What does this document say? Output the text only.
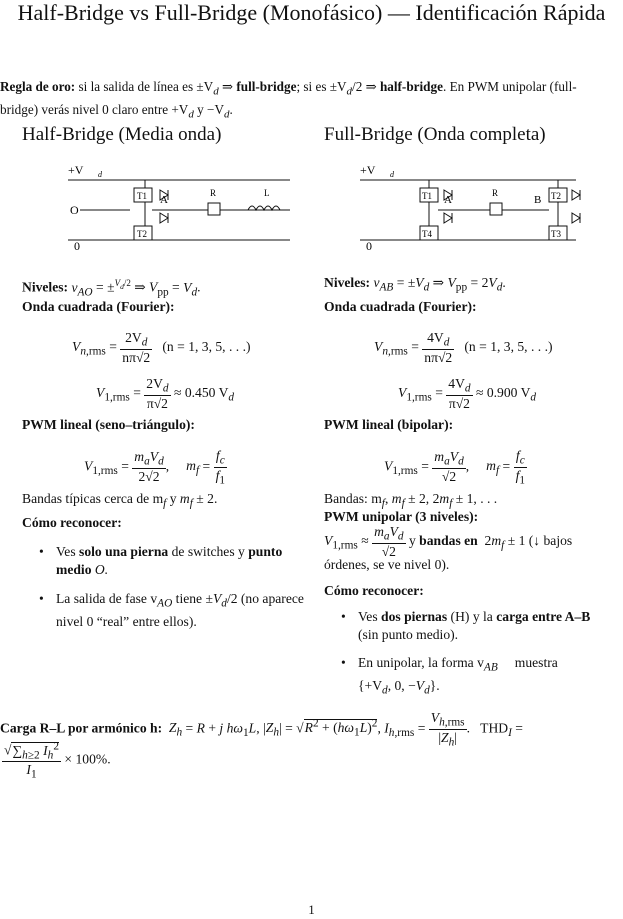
Half-Bridge vs Full-Bridge (Monofásico) — Identificación Rápida
Regla de oro: si la salida de línea es $\pm V_d$ ⇒ full-bridge; si es $\pm V_d/2$ ⇒ half-bridge. En PWM unipolar (full-bridge) verás nivel 0 claro entre $+V_d$ $y -V_d$.
Half-Bridge (Media onda)
+V d
O
0
T1
T2
A
R	L
Niveles: $v_{AO} = \pm^{V_d/2}$ ⇒ $V_{pp} = V_d$.
Onda cuadrada (Fourier):
$V_{n,rms} = \frac{2V_d}{n\pi√2} (n = 1$, 3, 5, . . .)
$V_{1,rms} = \frac{2V_d}{\pi√2} \approx 0.450$ $V_d$
PWM lineal (seno–triángulo):
$V_{1,rms} = \frac{m_aV_d}{2√2}$ ,     $m_f = \frac{f_c}{f_1}$
Bandas típicas cerca de $m_f$ y $m_f \pm 2$.
Cómo reconocer:
• Ves solo una pierna de switches y punto medio O.
• La salida de fase $v_{AO}$ tiene $\pm V_d/2$ (no aparece nivel 0 “real” entre ellos).
Full-Bridge (Onda completa)
+V d
0
T1
T4
T2
T3
A	B
R
Niveles: $v_{AB} = \pm V_d$ ⇒ $V_{pp} = 2V_d$.
Onda cuadrada (Fourier):
$V_{n,rms} = \frac{4V_d}{n\pi√2} (n = 1$, 3, 5, . . .)
$V_{1,rms} = \frac{4V_d}{\pi√2} \approx 0.900$ $V_d$
PWM lineal (bipolar):
$V_{1,rms} = \frac{m_aV_d}{√2}$ ,     $m_f = \frac{f_c}{f_1}$
Bandas: $m_f$, $m_f \pm 2$, $2m_f \pm 1$, . . .
PWM unipolar (3 niveles):
$V_{1,rms} \approx \frac{m_aV_d}{√2}$ y bandas en  $2m_f \pm 1$ (↓ bajos
órdenes, se ve nivel 0).
Cómo reconocer:
• Ves dos piernas (H) y la carga entre A–B
(sin punto medio).
• En unipolar, la forma $v_{AB}$ muestra
{$+V_d$, 0, $-V_d$}.
Carga R–L por armónico h: $Z_h = R + j$ $h\omega_1L$, $|Z_h| = √R^2 + (h\omega_1L)^2$, $I_{h,rms} = \frac{V_{h,rms}}{|Z_h|}$ .   $THD_I$ =
$\frac{√\sum_{h\ge 2} I_h^2}{I_1} \times 100\%$.
1
